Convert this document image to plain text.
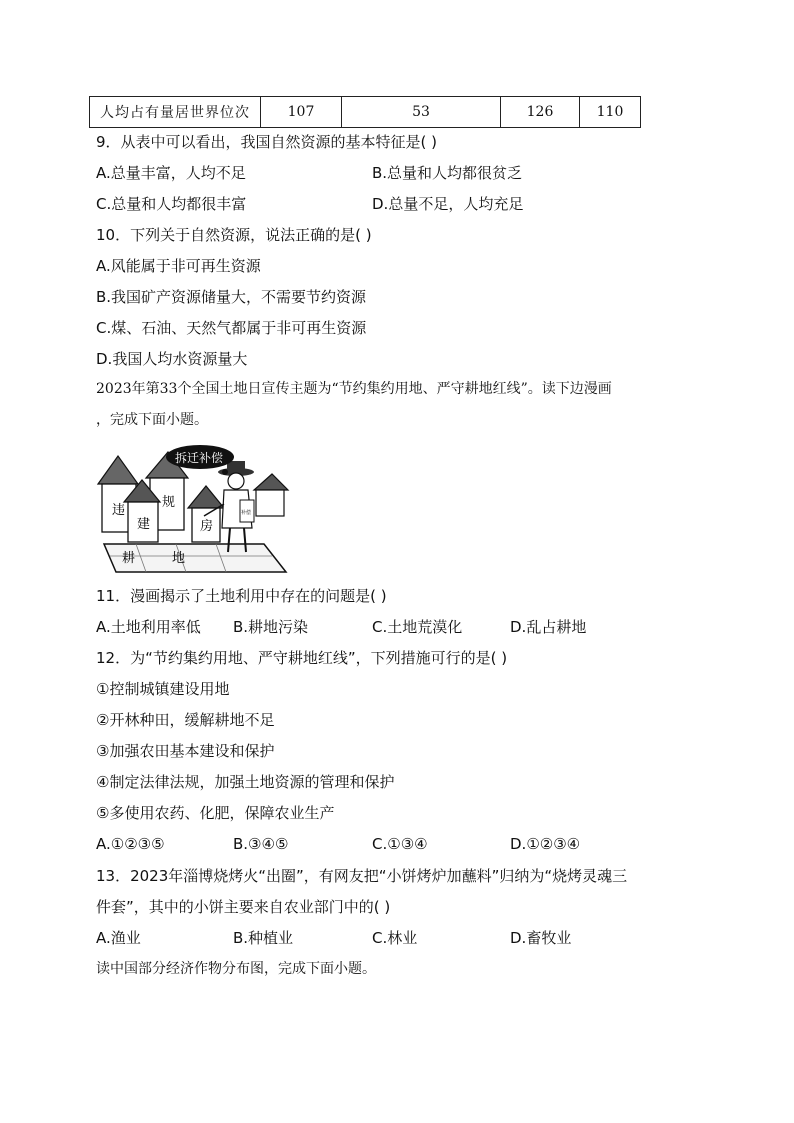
人均占有量居世界位次	107	53	126	110
9．从表中可以看出，我国自然资源的基本特征是( )
A.总量丰富，人均不足	B.总量和人均都很贫乏
C.总量和人均都很丰富	D.总量不足，人均充足
10．下列关于自然资源，说法正确的是( )
A.风能属于非可再生资源
B.我国矿产资源储量大，不需要节约资源
C.煤、石油、天然气都属于非可再生资源
D.我国人均水资源量大
2023年第33个全国土地日宣传主题为“节约集约用地、严守耕地红线”。读下边漫画
，完成下面小题。
违
规
建	房
耕	地
补偿
拆迁补偿
11．漫画揭示了土地利用中存在的问题是( )
A.土地利用率低 B.耕地污染	C.土地荒漠化	D.乱占耕地
12．为“节约集约用地、严守耕地红线”，下列措施可行的是( )
①控制城镇建设用地
②开林种田，缓解耕地不足
③加强农田基本建设和保护
④制定法律法规，加强土地资源的管理和保护
⑤多使用农药、化肥，保障农业生产
A.①②③⑤	B.③④⑤	C.①③④	D.①②③④
13．2023年淄博烧烤火“出圈”，有网友把“小饼烤炉加蘸料”归纳为“烧烤灵魂三
件套”，其中的小饼主要来自农业部门中的( )
A.渔业	B.种植业	C.林业	D.畜牧业
读中国部分经济作物分布图，完成下面小题。
